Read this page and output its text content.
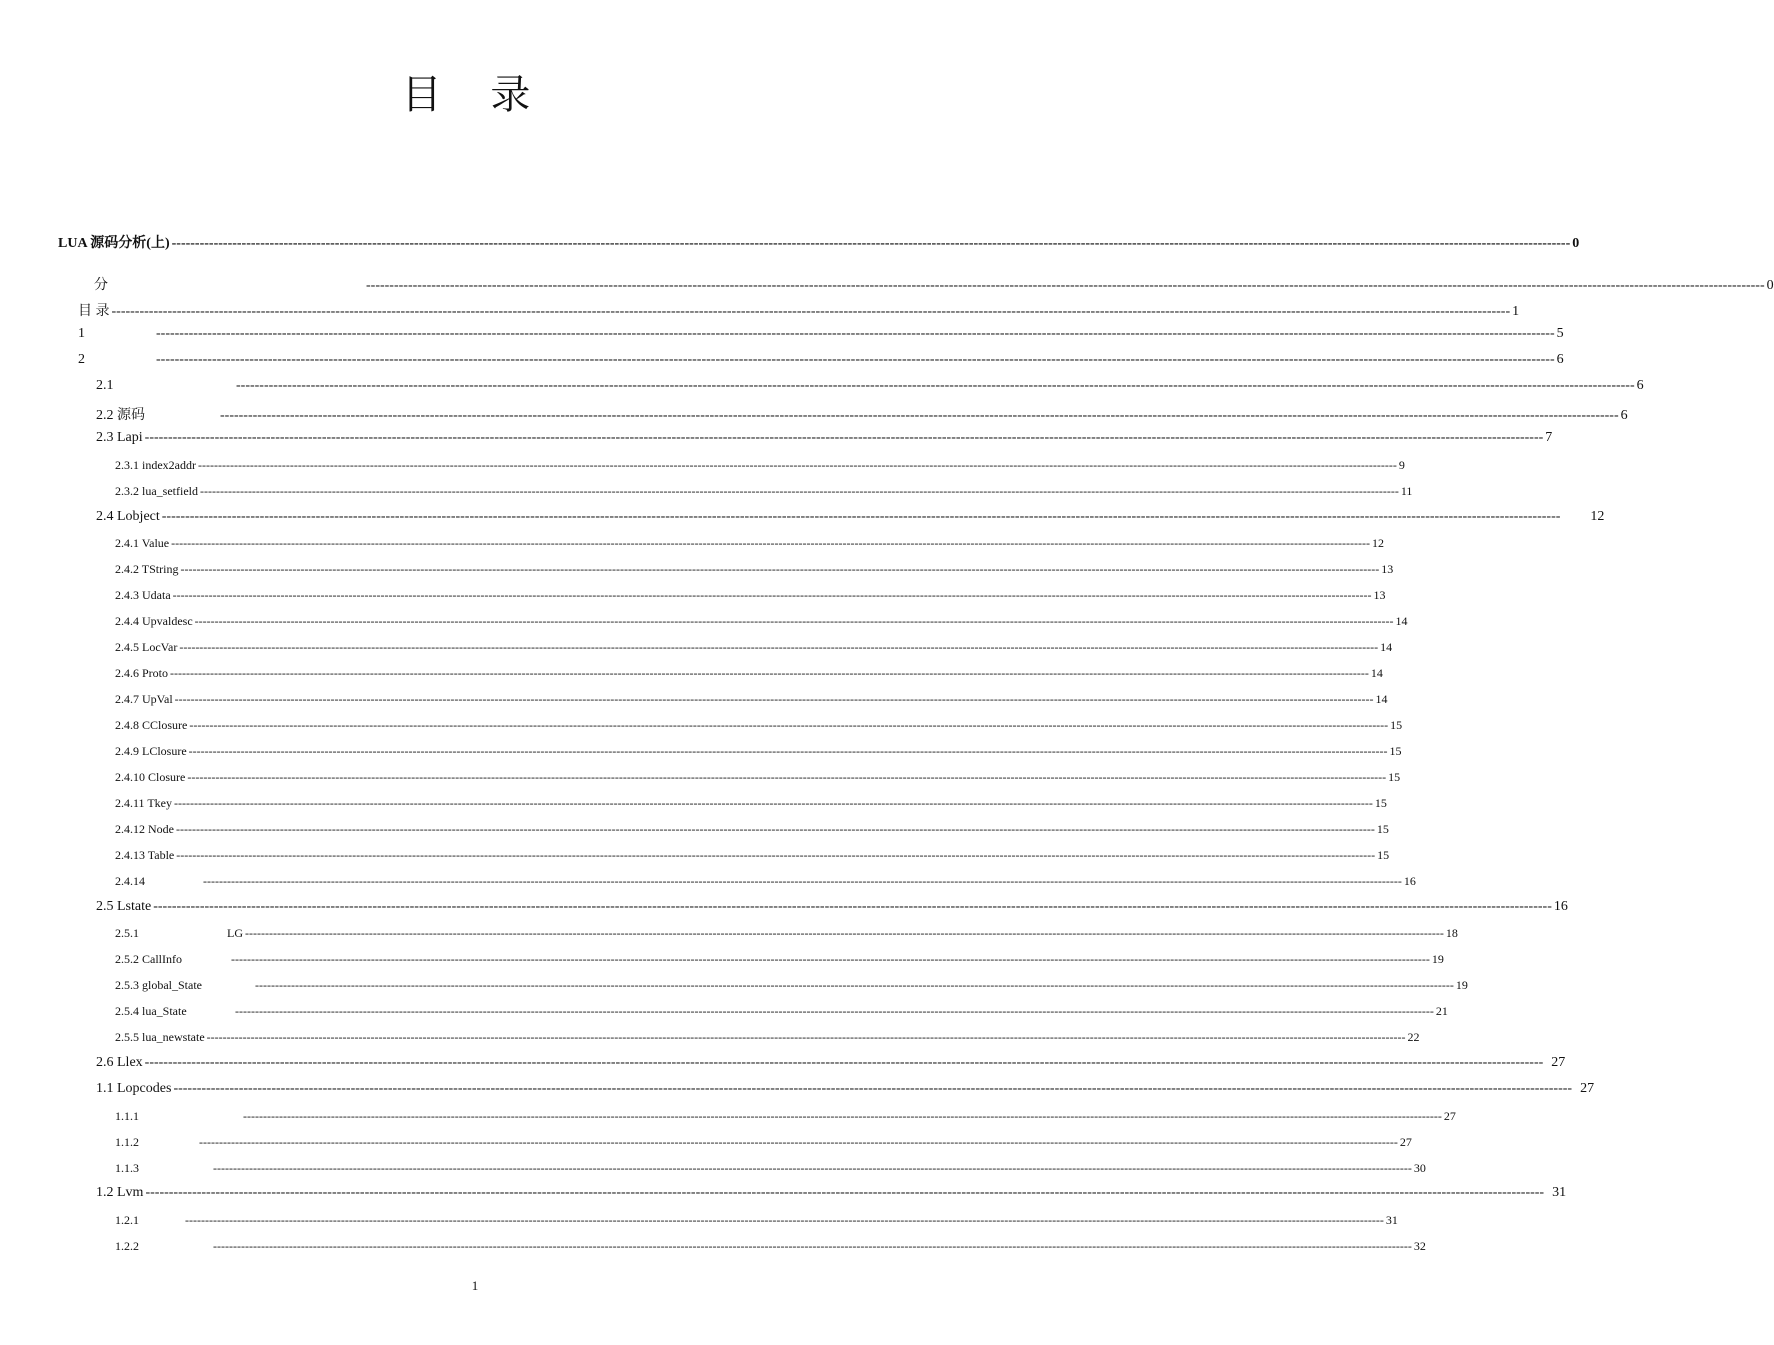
目 录
LUA 源码分析(上) ------------------------------------------------------------------------------------------------------------------------------------------------------------------------------------------------------------------------------------------------------------------------------------------------------------ 0
分	------------------------------------------------------------------------------------------------------------------------------------------------------------------------------------------------------------------------------------------------------------------------------------------------------------ 0
目 录 ------------------------------------------------------------------------------------------------------------------------------------------------------------------------------------------------------------------------------------------------------------------------------------------------------------ 1
1	------------------------------------------------------------------------------------------------------------------------------------------------------------------------------------------------------------------------------------------------------------------------------------------------------------ 5
2	------------------------------------------------------------------------------------------------------------------------------------------------------------------------------------------------------------------------------------------------------------------------------------------------------------ 6
2.1	------------------------------------------------------------------------------------------------------------------------------------------------------------------------------------------------------------------------------------------------------------------------------------------------------------ 6
2.2 源码	------------------------------------------------------------------------------------------------------------------------------------------------------------------------------------------------------------------------------------------------------------------------------------------------------------ 6
2.3 Lapi ------------------------------------------------------------------------------------------------------------------------------------------------------------------------------------------------------------------------------------------------------------------------------------------------------------ 7
2.3.1 index2addr ------------------------------------------------------------------------------------------------------------------------------------------------------------------------------------------------------------------------------------------------------------------------------------------------------------ 9
2.3.2 lua_setfield ------------------------------------------------------------------------------------------------------------------------------------------------------------------------------------------------------------------------------------------------------------------------------------------------------------ 11
2.4 Lobject ------------------------------------------------------------------------------------------------------------------------------------------------------------------------------------------------------------------------------------------------------------------------------------------------------------ 12
2.4.1 Value ------------------------------------------------------------------------------------------------------------------------------------------------------------------------------------------------------------------------------------------------------------------------------------------------------------ 12
2.4.2 TString ------------------------------------------------------------------------------------------------------------------------------------------------------------------------------------------------------------------------------------------------------------------------------------------------------------ 13
2.4.3 Udata ------------------------------------------------------------------------------------------------------------------------------------------------------------------------------------------------------------------------------------------------------------------------------------------------------------ 13
2.4.4 Upvaldesc ------------------------------------------------------------------------------------------------------------------------------------------------------------------------------------------------------------------------------------------------------------------------------------------------------------ 14
2.4.5 LocVar ------------------------------------------------------------------------------------------------------------------------------------------------------------------------------------------------------------------------------------------------------------------------------------------------------------ 14
2.4.6 Proto ------------------------------------------------------------------------------------------------------------------------------------------------------------------------------------------------------------------------------------------------------------------------------------------------------------ 14
2.4.7 UpVal ------------------------------------------------------------------------------------------------------------------------------------------------------------------------------------------------------------------------------------------------------------------------------------------------------------ 14
2.4.8 CClosure ------------------------------------------------------------------------------------------------------------------------------------------------------------------------------------------------------------------------------------------------------------------------------------------------------------ 15
2.4.9 LClosure ------------------------------------------------------------------------------------------------------------------------------------------------------------------------------------------------------------------------------------------------------------------------------------------------------------ 15
2.4.10 Closure ------------------------------------------------------------------------------------------------------------------------------------------------------------------------------------------------------------------------------------------------------------------------------------------------------------ 15
2.4.11 Tkey ------------------------------------------------------------------------------------------------------------------------------------------------------------------------------------------------------------------------------------------------------------------------------------------------------------ 15
2.4.12 Node ------------------------------------------------------------------------------------------------------------------------------------------------------------------------------------------------------------------------------------------------------------------------------------------------------------ 15
2.4.13 Table ------------------------------------------------------------------------------------------------------------------------------------------------------------------------------------------------------------------------------------------------------------------------------------------------------------ 15
2.4.14	------------------------------------------------------------------------------------------------------------------------------------------------------------------------------------------------------------------------------------------------------------------------------------------------------------ 16
2.5 Lstate ------------------------------------------------------------------------------------------------------------------------------------------------------------------------------------------------------------------------------------------------------------------------------------------------------------ 16
2.5.1	LG ------------------------------------------------------------------------------------------------------------------------------------------------------------------------------------------------------------------------------------------------------------------------------------------------------------ 18
2.5.2 CallInfo	------------------------------------------------------------------------------------------------------------------------------------------------------------------------------------------------------------------------------------------------------------------------------------------------------------ 19
2.5.3 global_State	------------------------------------------------------------------------------------------------------------------------------------------------------------------------------------------------------------------------------------------------------------------------------------------------------------ 19
2.5.4 lua_State	------------------------------------------------------------------------------------------------------------------------------------------------------------------------------------------------------------------------------------------------------------------------------------------------------------ 21
2.5.5 lua_newstate ------------------------------------------------------------------------------------------------------------------------------------------------------------------------------------------------------------------------------------------------------------------------------------------------------------ 22
2.6 Llex ------------------------------------------------------------------------------------------------------------------------------------------------------------------------------------------------------------------------------------------------------------------------------------------------------------ 27
1.1 Lopcodes ------------------------------------------------------------------------------------------------------------------------------------------------------------------------------------------------------------------------------------------------------------------------------------------------------------ 27
1.1.1	------------------------------------------------------------------------------------------------------------------------------------------------------------------------------------------------------------------------------------------------------------------------------------------------------------ 27
1.1.2	------------------------------------------------------------------------------------------------------------------------------------------------------------------------------------------------------------------------------------------------------------------------------------------------------------ 27
1.1.3	------------------------------------------------------------------------------------------------------------------------------------------------------------------------------------------------------------------------------------------------------------------------------------------------------------ 30
1.2 Lvm ------------------------------------------------------------------------------------------------------------------------------------------------------------------------------------------------------------------------------------------------------------------------------------------------------------ 31
1.2.1	------------------------------------------------------------------------------------------------------------------------------------------------------------------------------------------------------------------------------------------------------------------------------------------------------------ 31
1.2.2	------------------------------------------------------------------------------------------------------------------------------------------------------------------------------------------------------------------------------------------------------------------------------------------------------------ 32
1
